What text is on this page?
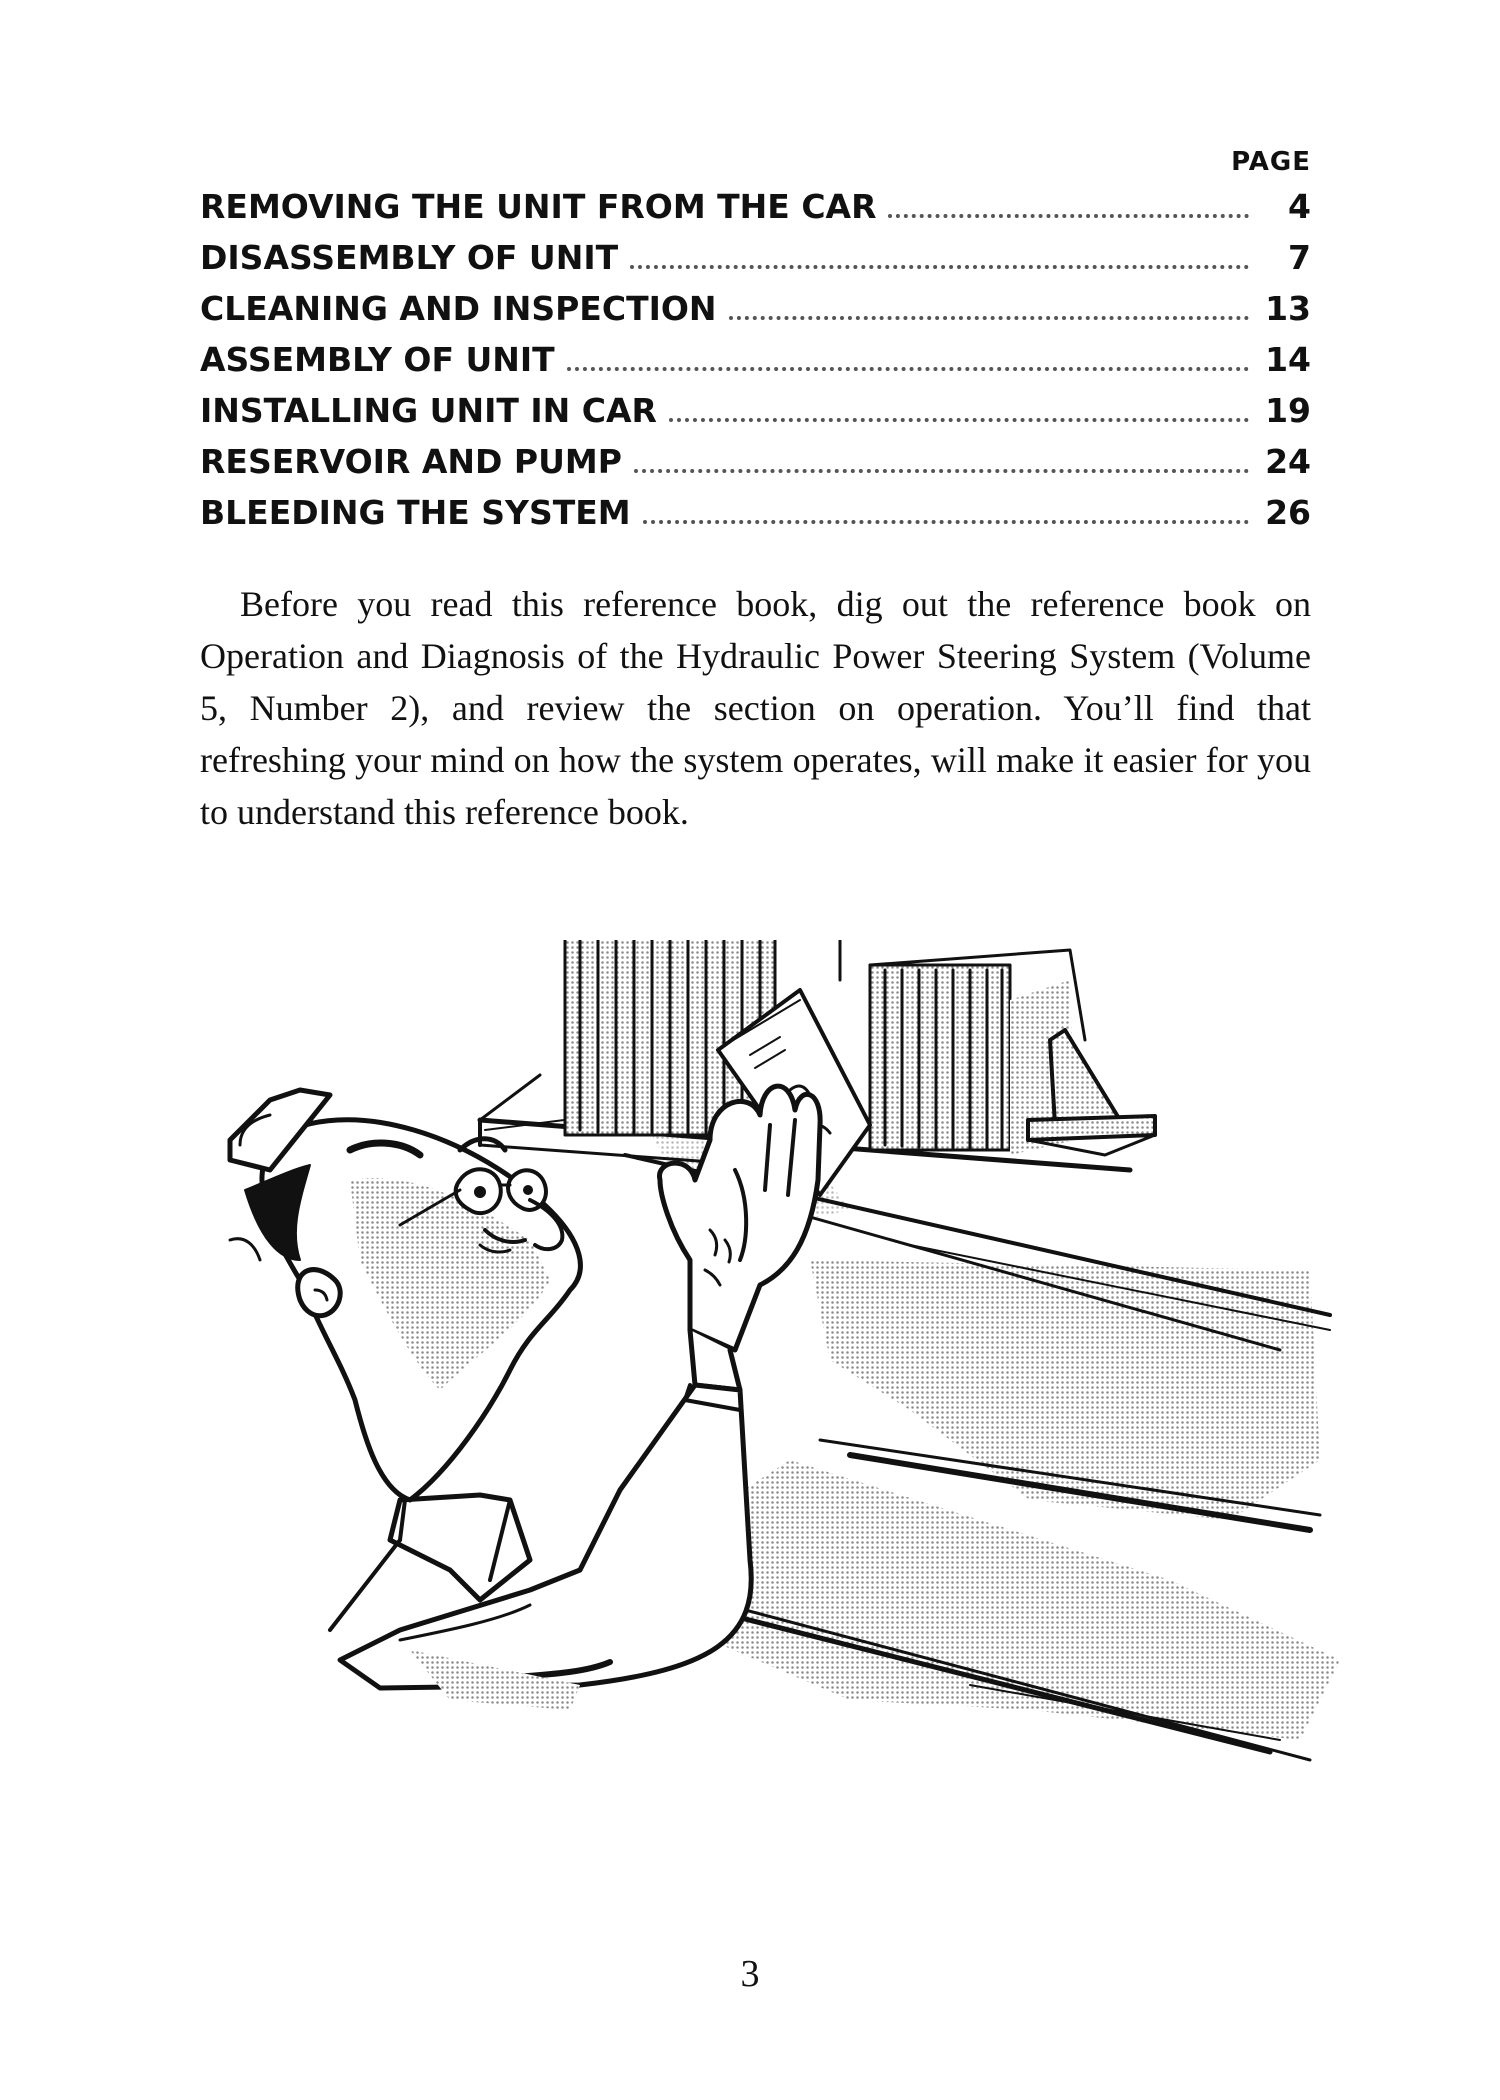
PAGE
REMOVING THE UNIT FROM THE CAR	4
DISASSEMBLY OF UNIT	7
CLEANING AND INSPECTION	13
ASSEMBLY OF UNIT	14
INSTALLING UNIT IN CAR	19
RESERVOIR AND PUMP	24
BLEEDING THE SYSTEM	26

Before you read this reference book, dig out the reference book on Operation and Diagnosis of the Hydraulic Power Steering System (Volume 5, Number 2), and review the section on operation. You’ll find that refreshing your mind on how the system operates, will make it easier for you to understand this reference book.

3
